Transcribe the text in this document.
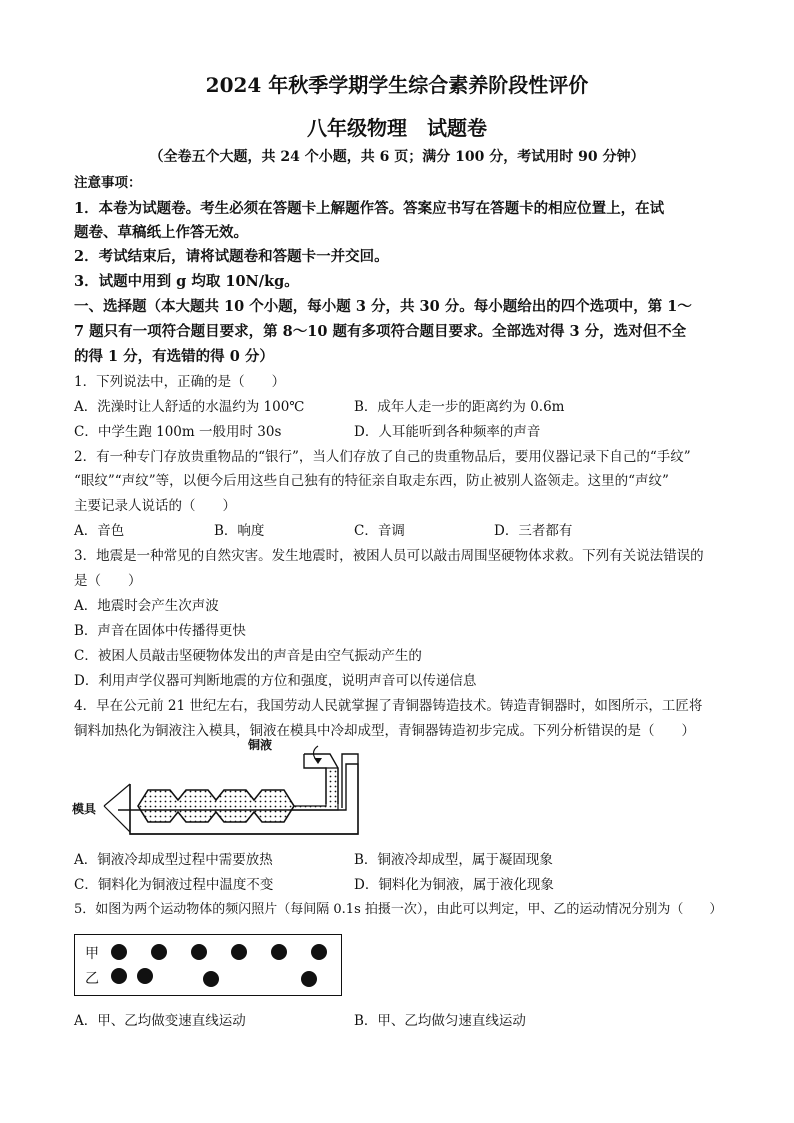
2024 年秋季学期学生综合素养阶段性评价
八年级物理　试题卷
（全卷五个大题，共 24 个小题，共 6 页；满分 100 分，考试用时 90 分钟）
注意事项：
1．本卷为试题卷。考生必须在答题卡上解题作答。答案应书写在答题卡的相应位置上，在试
题卷、草稿纸上作答无效。
2．考试结束后，请将试题卷和答题卡一并交回。
3．试题中用到 g 均取 10N/kg。
一、选择题（本大题共 10 个小题，每小题 3 分，共 30 分。每小题给出的四个选项中，第 1～
7 题只有一项符合题目要求，第 8～10 题有多项符合题目要求。全部选对得 3 分，选对但不全
的得 1 分，有选错的得 0 分）
1．下列说法中，正确的是（　　）
A．洗澡时让人舒适的水温约为 100℃	B．成年人走一步的距离约为 0.6m
C．中学生跑 100m 一般用时 30s	D．人耳能听到各种频率的声音
2．有一种专门存放贵重物品的“银行”，当人们存放了自己的贵重物品后，要用仪器记录下自己的“手纹”
“眼纹”“声纹”等，以便今后用这些自己独有的特征亲自取走东西，防止被别人盗领走。这里的“声纹”
主要记录人说话的（　　）
A．音色	B．响度	C．音调	D．三者都有
3．地震是一种常见的自然灾害。发生地震时，被困人员可以敲击周围坚硬物体求救。下列有关说法错误的
是（　　）
A．地震时会产生次声波
B．声音在固体中传播得更快
C．被困人员敲击坚硬物体发出的声音是由空气振动产生的
D．利用声学仪器可判断地震的方位和强度，说明声音可以传递信息
4．早在公元前 21 世纪左右，我国劳动人民就掌握了青铜器铸造技术。铸造青铜器时，如图所示，工匠将
铜料加热化为铜液注入模具，铜液在模具中冷却成型，青铜器铸造初步完成。下列分析错误的是（　　）
铜液
模具
A．铜液冷却成型过程中需要放热	B．铜液冷却成型，属于凝固现象
C．铜料化为铜液过程中温度不变	D．铜料化为铜液，属于液化现象
5．如图为两个运动物体的频闪照片（每间隔 0.1s 拍摄一次），由此可以判定，甲、乙的运动情况分别为（　　）
甲
乙
A．甲、乙均做变速直线运动	B．甲、乙均做匀速直线运动
